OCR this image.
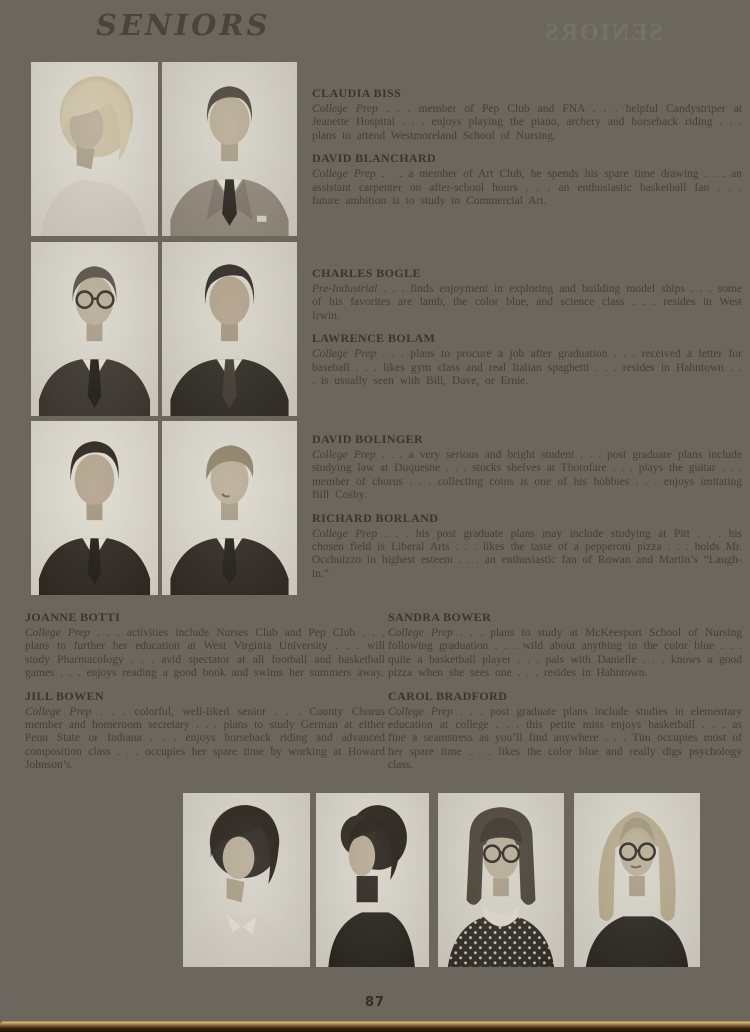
SENIORS	SENIORS
CLAUDIA BISS

College Prep . . . member of Pep Club and FNA . . . helpful Candystriper at Jeanette Hospital . . . enjoys playing the piano, archery and horseback riding . . . plans to attend Westmoreland School of Nursing.

DAVID BLANCHARD

College Prep . . . a member of Art Club, he spends his spare time drawing . . . an assistant carpenter on after-school hours . . . an enthusiastic basketball fan . . . future ambition is to study in Commercial Art.

CHARLES BOGLE

Pre-Industrial . . . finds enjoyment in exploring and building model ships . . . some of his favorites are lamb, the color blue, and science class . . . resides in West Irwin.

LAWRENCE BOLAM

College Prep . . . plans to procure a job after graduation . . . received a letter for baseball . . . likes gym class and real Italian spaghetti . . . resides in Hahntown . . . is usually seen with Bill, Dave, or Ernie.

DAVID BOLINGER

College Prep . . . a very serious and bright student . . . post graduate plans include studying law at Duquesne . . . stocks shelves at Thorofare . . . plays the guitar . . . member of chorus . . . collecting coins is one of his hobbies . . . enjoys imitating Bill Cosby.

RICHARD BORLAND

College Prep . . . his post graduate plans may include studying at Pitt . . . his chosen field is Liberal Arts . . . likes the taste of a pepperoni pizza . . . holds Mr. Occhuizzo in highest esteem . . . an enthusiastic fan of Rowan and Martin’s “Laugh-in.”

JOANNE BOTTI

College Prep . . . activities include Nurses Club and Pep Club . . . plans to further her education at West Virginia University . . . will study Pharmacology . . . avid spectator at all football and basketball games . . . enjoys reading a good book and swims her summers away.

JILL BOWEN

College Prep . . . colorful, well-liked senior . . . County Chorus member and homeroom secretary . . . plans to study German at either Penn State or Indiana . . . enjoys horseback riding and advanced composition class . . . occupies her spare time by working at Howard Johnson’s.

SANDRA BOWER

College Prep . . . plans to study at McKeesport School of Nursing following graduation . . . wild about anything in the color blue . . . quite a basketball player . . . pals with Danielle . . . knows a good pizza when she sees one . . . resides in Hahntown.

CAROL BRADFORD

College Prep . . . post graduate plans include studies in elementary education at college . . . this petite miss enjoys basketball . . . as fine a seamstress as you’ll find anywhere . . . Tim occupies most of her spare time . . . likes the color blue and really digs psychology class.

87
